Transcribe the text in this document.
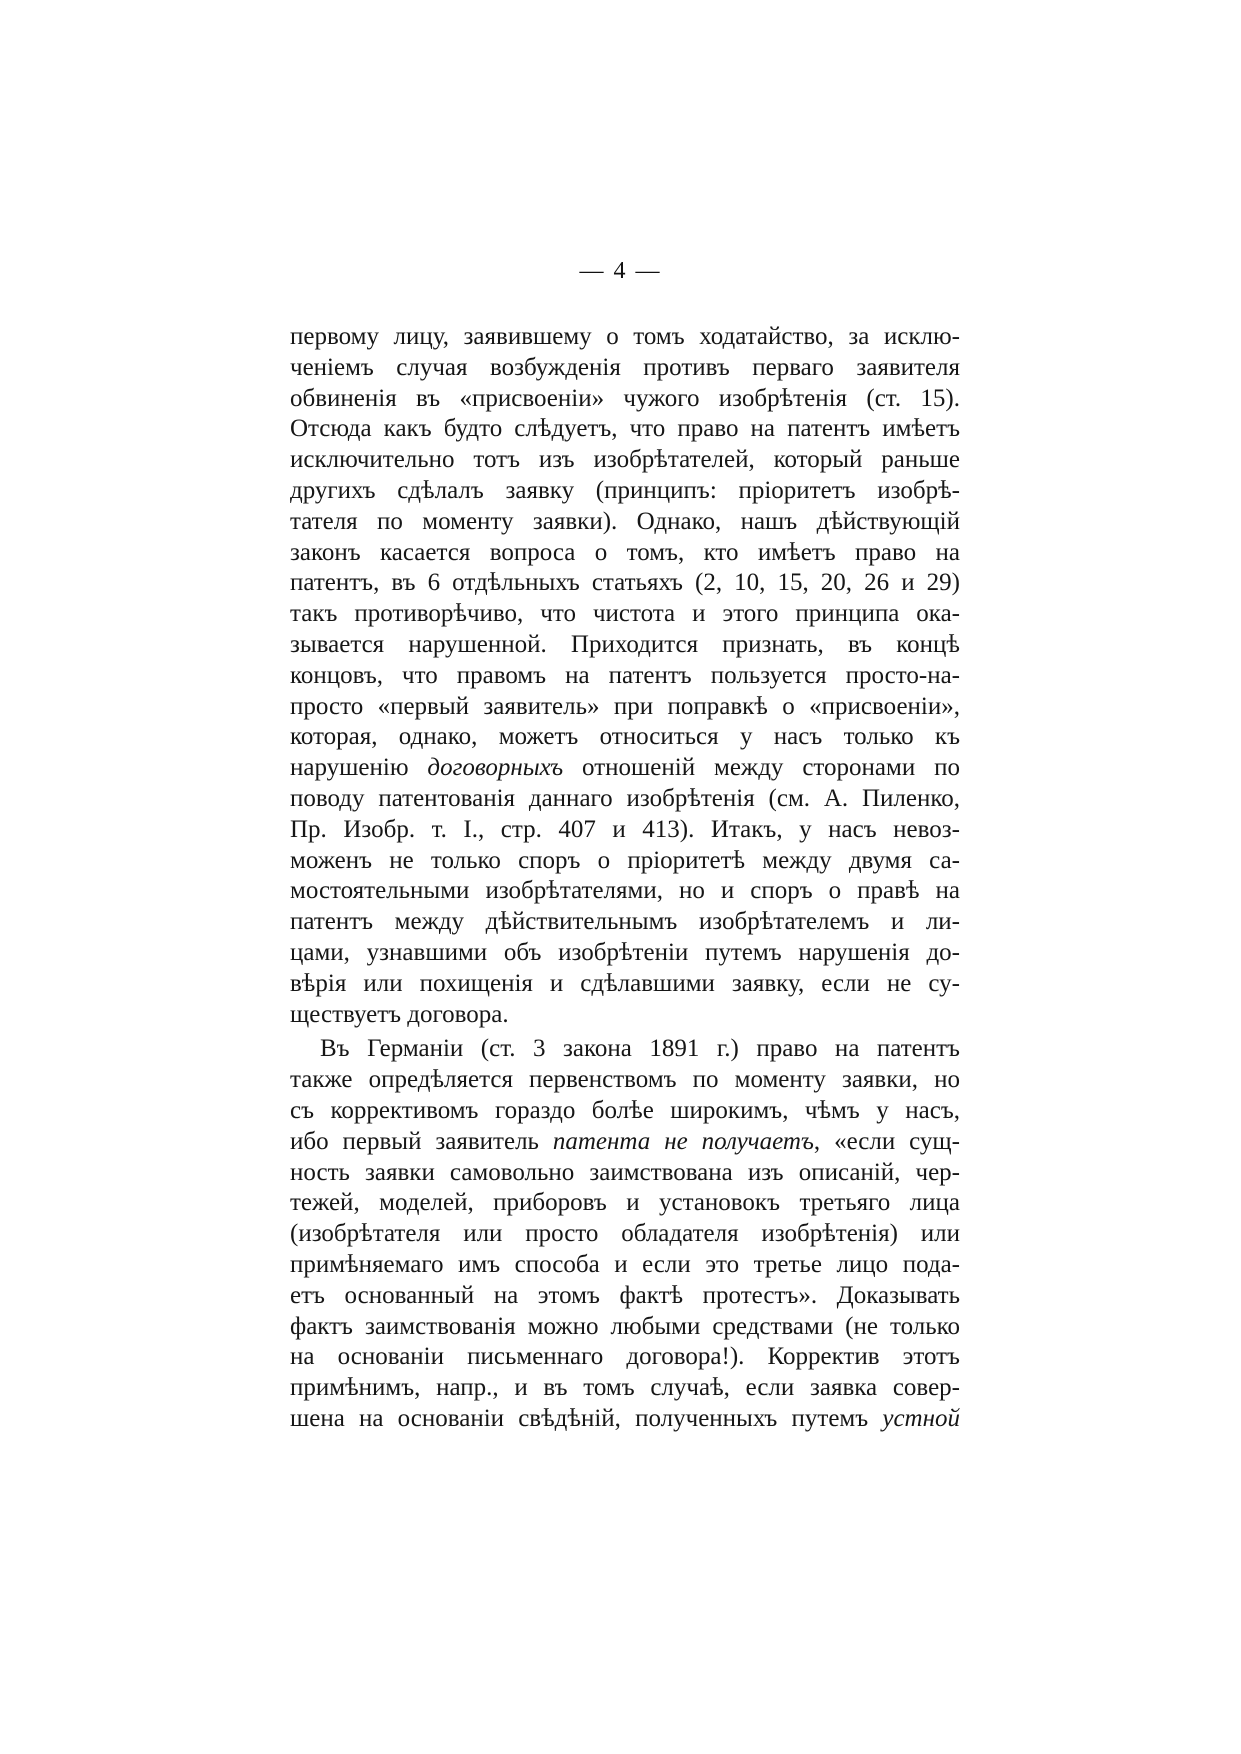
— 4 —
первому лицу, заявившему о томъ ходатайство, за исклю-
ченіемъ случая возбужденія противъ перваго заявителя
обвиненія въ «присвоеніи» чужого изобрѣтенія (ст. 15).
Отсюда какъ будто слѣдуетъ, что право на патентъ имѣетъ
исключительно тотъ изъ изобрѣтателей, который раньше
другихъ сдѣлалъ заявку (принципъ: пріоритетъ изобрѣ-
тателя по моменту заявки). Однако, нашъ дѣйствующій
законъ касается вопроса о томъ, кто имѣетъ право на
патентъ, въ 6 отдѣльныхъ статьяхъ (2, 10, 15, 20, 26 и 29)
такъ противорѣчиво, что чистота и этого принципа ока-
зывается нарушенной. Приходится признать, въ концѣ
концовъ, что правомъ на патентъ пользуется просто-на-
просто «первый заявитель» при поправкѣ о «присвоеніи»,
которая, однако, можетъ относиться у насъ только къ
нарушенію договорныхъ отношеній между сторонами по
поводу патентованія даннаго изобрѣтенія (см. А. Пиленко,
Пр. Изобр. т. I., стр. 407 и 413). Итакъ, у насъ невоз-
моженъ не только споръ о пріоритетѣ между двумя са-
мостоятельными изобрѣтателями, но и споръ о правѣ на
патентъ между дѣйствительнымъ изобрѣтателемъ и ли-
цами, узнавшими объ изобрѣтеніи путемъ нарушенія до-
вѣрія или похищенія и сдѣлавшими заявку, если не су-
ществуетъ договора.
Въ Германіи (ст. 3 закона 1891 г.) право на патентъ
также опредѣляется первенствомъ по моменту заявки, но
съ коррективомъ гораздо болѣе широкимъ, чѣмъ у насъ,
ибо первый заявитель патента не получаетъ, «если сущ-
ность заявки самовольно заимствована изъ описаній, чер-
тежей, моделей, приборовъ и установокъ третьяго лица
(изобрѣтателя или просто обладателя изобрѣтенія) или
примѣняемаго имъ способа и если это третье лицо пода-
етъ основанный на этомъ фактѣ протестъ». Доказывать
фактъ заимствованія можно любыми средствами (не только
на основаніи письменнаго договора!). Корректив этотъ
примѣнимъ, напр., и въ томъ случаѣ, если заявка совер-
шена на основаніи свѣдѣній, полученныхъ путемъ устной
